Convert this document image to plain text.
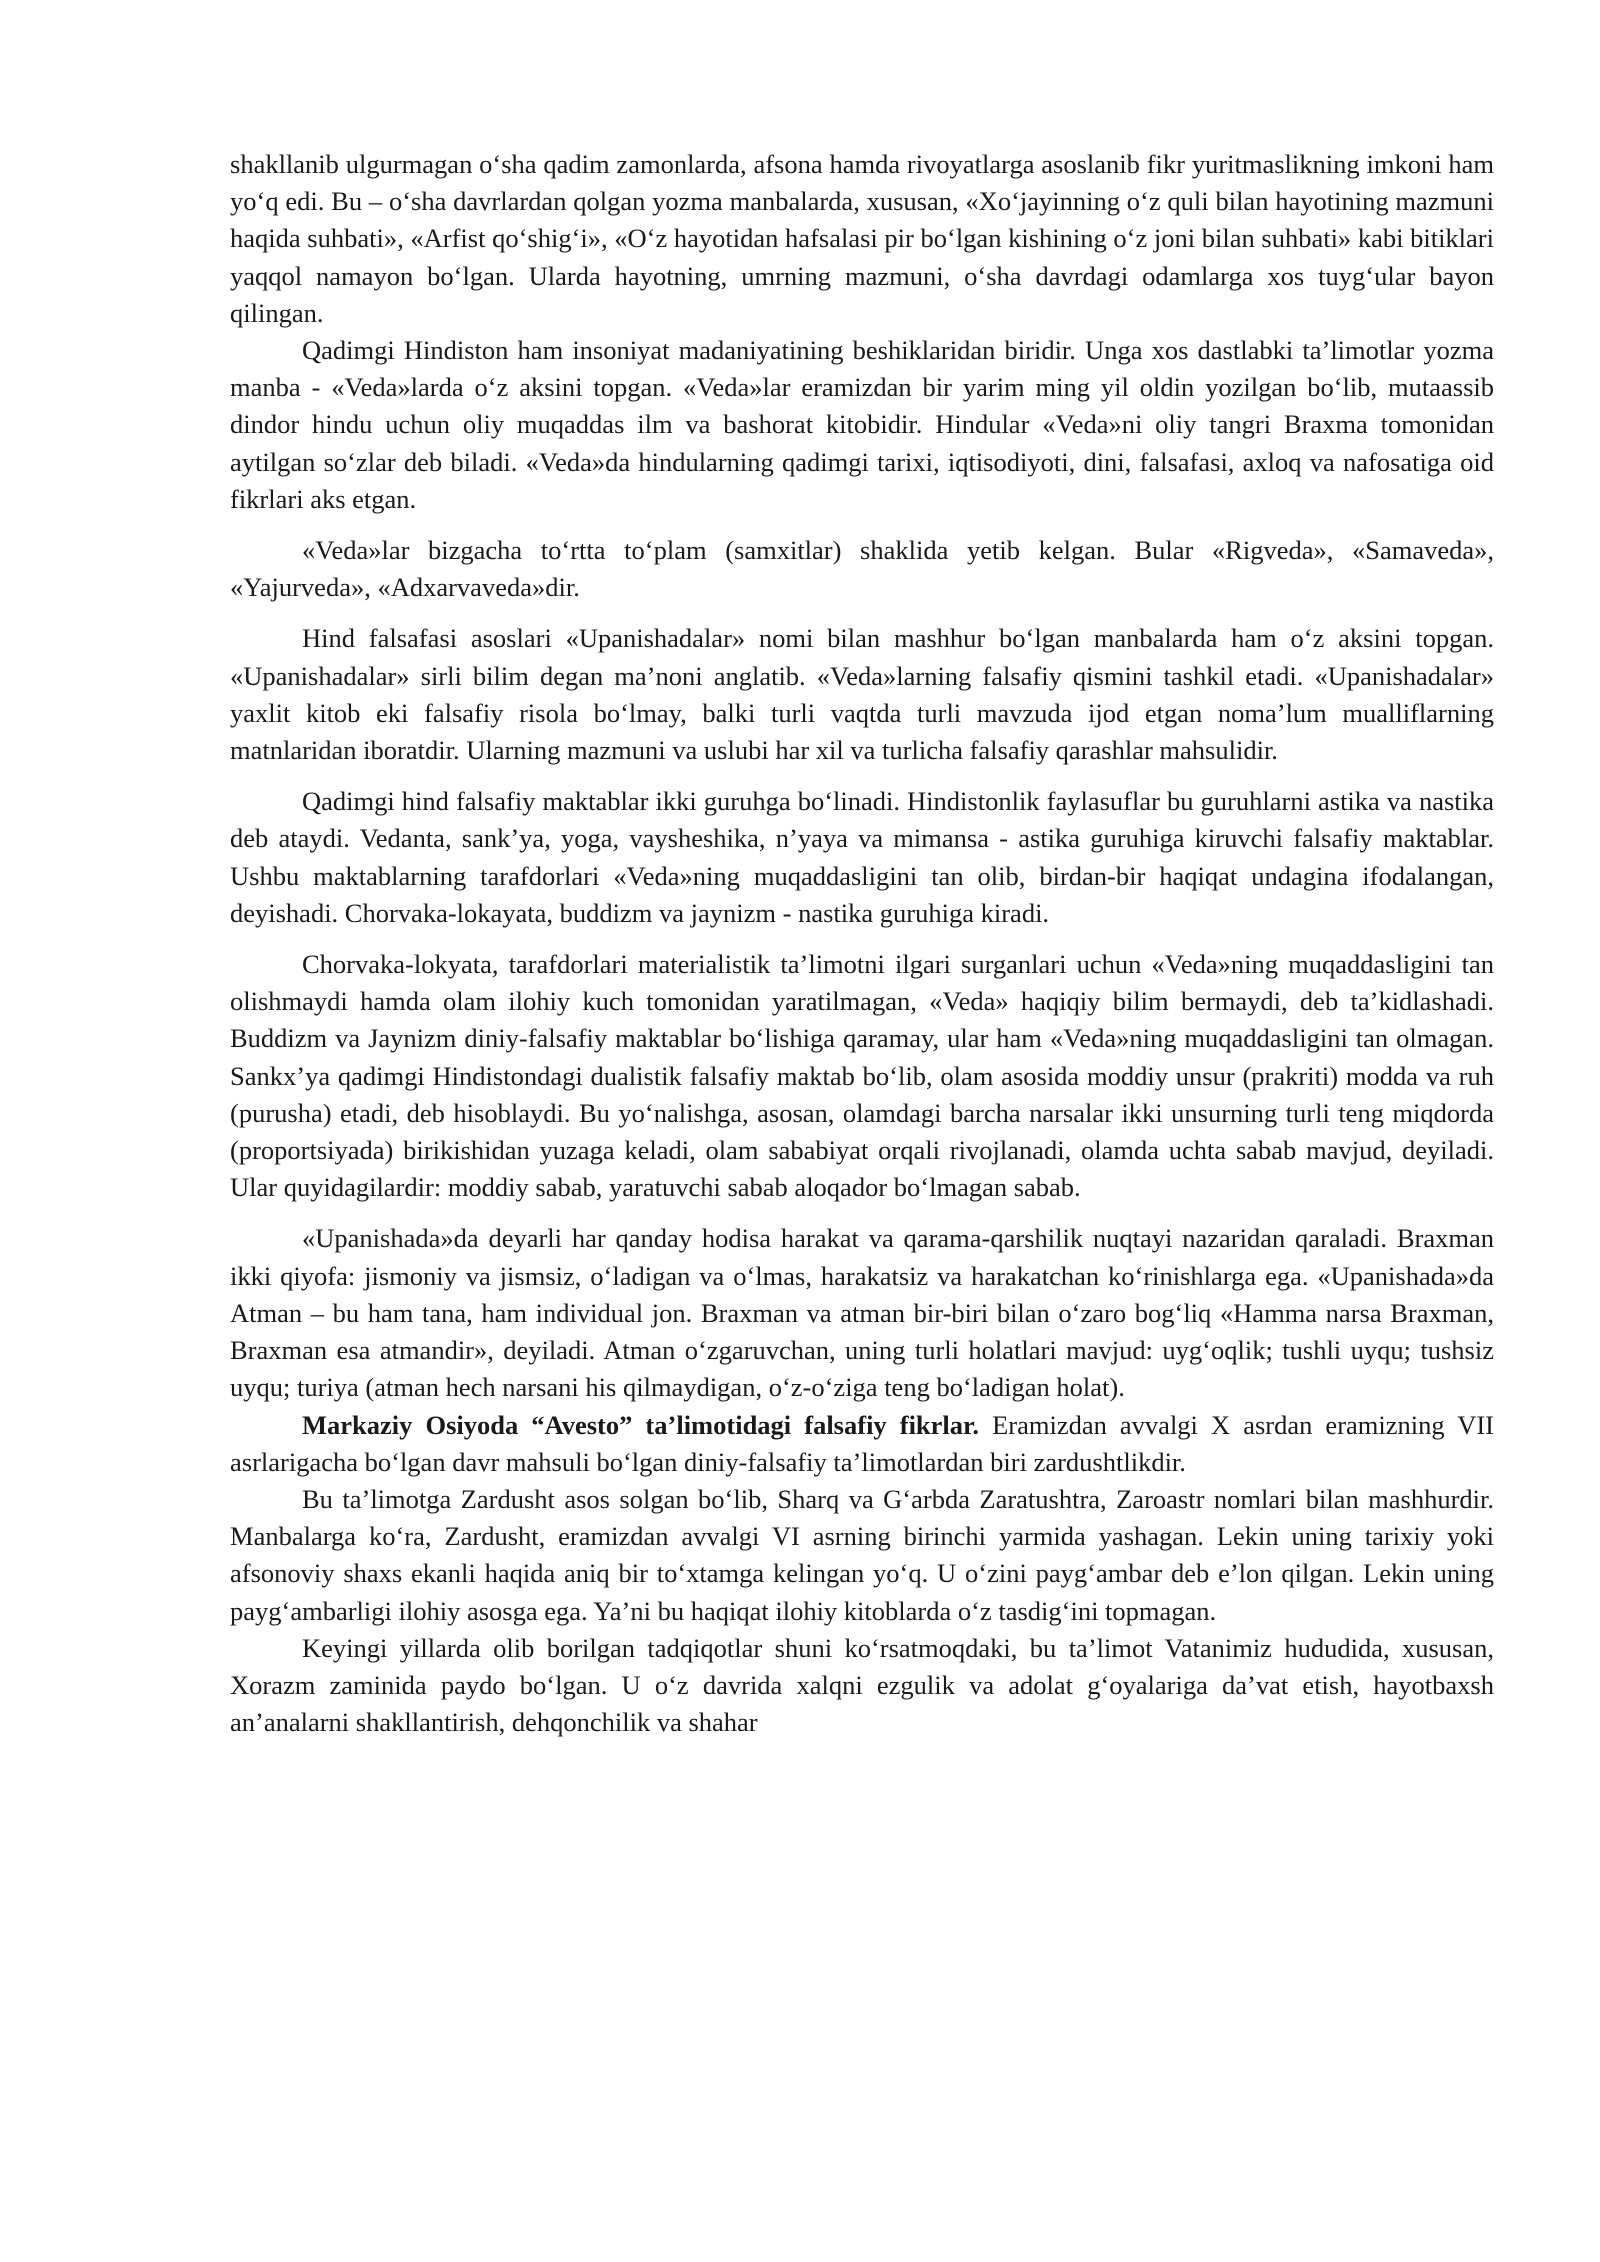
shakllanib ulgurmagan o‘sha qadim zamonlarda, afsona hamda rivoyatlarga asoslanib fikr yuritmaslikning imkoni ham yo‘q edi. Bu – o‘sha davrlardan qolgan yozma manbalarda, xususan, «Xo‘jayinning o‘z quli bilan hayotining mazmuni haqida suhbati», «Arfist qo‘shig‘i», «O‘z hayotidan hafsalasi pir bo‘lgan kishining o‘z joni bilan suhbati» kabi bitiklari yaqqol namayon bo‘lgan. Ularda hayotning, umrning mazmuni, o‘sha davrdagi odamlarga xos tuyg‘ular bayon qilingan.

Qadimgi Hindiston ham insoniyat madaniyatining beshiklaridan biridir. Unga xos dastlabki ta’limotlar yozma manba - «Veda»larda o‘z aksini topgan. «Veda»lar eramizdan bir yarim ming yil oldin yozilgan bo‘lib, mutaassib dindor hindu uchun oliy muqaddas ilm va bashorat kitobidir. Hindular «Veda»ni oliy tangri Braxma tomonidan aytilgan so‘zlar deb biladi. «Veda»da hindularning qadimgi tarixi, iqtisodiyoti, dini, falsafasi, axloq va nafosatiga oid fikrlari aks etgan.

«Veda»lar bizgacha to‘rtta to‘plam (samxitlar) shaklida yetib kelgan. Bular «Rigveda», «Samaveda», «Yajurveda», «Adxarvaveda»dir.

Hind falsafasi asoslari «Upanishadalar» nomi bilan mashhur bo‘lgan manbalarda ham o‘z aksini topgan. «Upanishadalar» sirli bilim degan ma’noni anglatib. «Veda»larning falsafiy qismini tashkil etadi. «Upanishadalar» yaxlit kitob eki falsafiy risola bo‘lmay, balki turli vaqtda turli mavzuda ijod etgan noma’lum mualliflarning matnlaridan iboratdir. Ularning mazmuni va uslubi har xil va turlicha falsafiy qarashlar mahsulidir.

Qadimgi hind falsafiy maktablar ikki guruhga bo‘linadi. Hindistonlik faylasuflar bu guruhlarni astika va nastika deb ataydi. Vedanta, sank’ya, yoga, vaysheshika, n’yaya va mimansa - astika guruhiga kiruvchi falsafiy maktablar. Ushbu maktablarning tarafdorlari «Veda»ning muqaddasligini tan olib, birdan-bir haqiqat undagina ifodalangan, deyishadi. Chorvaka-lokayata, buddizm va jaynizm - nastika guruhiga kiradi.

Chorvaka-lokyata, tarafdorlari materialistik ta’limotni ilgari surganlari uchun «Veda»ning muqaddasligini tan olishmaydi hamda olam ilohiy kuch tomonidan yaratilmagan, «Veda» haqiqiy bilim bermaydi, deb ta’kidlashadi. Buddizm va Jaynizm diniy-falsafiy maktablar bo‘lishiga qaramay, ular ham «Veda»ning muqaddasligini tan olmagan. Sankx’ya qadimgi Hindistondagi dualistik falsafiy maktab bo‘lib, olam asosida moddiy unsur (prakriti) modda va ruh (purusha) etadi, deb hisoblaydi. Bu yo‘nalishga, asosan, olamdagi barcha narsalar ikki unsurning turli teng miqdorda (proportsiyada) birikishidan yuzaga keladi, olam sababiyat orqali rivojlanadi, olamda uchta sabab mavjud, deyiladi. Ular quyidagilardir: moddiy sabab, yaratuvchi sabab aloqador bo‘lmagan sabab.

«Upanishada»da deyarli har qanday hodisa harakat va qarama-qarshilik nuqtayi nazaridan qaraladi. Braxman ikki qiyofa: jismoniy va jismsiz, o‘ladigan va o‘lmas, harakatsiz va harakatchan ko‘rinishlarga ega. «Upanishada»da Atman – bu ham tana, ham individual jon. Braxman va atman bir-biri bilan o‘zaro bog‘liq «Hamma narsa Braxman, Braxman esa atmandir», deyiladi. Atman o‘zgaruvchan, uning turli holatlari mavjud: uyg‘oqlik; tushli uyqu; tushsiz uyqu; turiya (atman hech narsani his qilmaydigan, o‘z-o‘ziga teng bo‘ladigan holat).

Markaziy Osiyoda “Avesto” ta’limotidagi falsafiy fikrlar. Eramizdan avvalgi X asrdan eramizning VII asrlarigacha bo‘lgan davr mahsuli bo‘lgan diniy-falsafiy ta’limotlardan biri zardushtlikdir.

Bu ta’limotga Zardusht asos solgan bo‘lib, Sharq va G‘arbda Zaratushtra, Zaroastr nomlari bilan mashhurdir. Manbalarga ko‘ra, Zardusht, eramizdan avvalgi VI asrning birinchi yarmida yashagan. Lekin uning tarixiy yoki afsonoviy shaxs ekanli haqida aniq bir to‘xtamga kelingan yo‘q. U o‘zini payg‘ambar deb e’lon qilgan. Lekin uning payg‘ambarligi ilohiy asosga ega. Ya’ni bu haqiqat ilohiy kitoblarda o‘z tasdig‘ini topmagan.

Keyingi yillarda olib borilgan tadqiqotlar shuni ko‘rsatmoqdaki, bu ta’limot Vatanimiz hududida, xususan, Xorazm zaminida paydo bo‘lgan. U o‘z davrida xalqni ezgulik va adolat g‘oyalariga da’vat etish, hayotbaxsh an’analarni shakllantirish, dehqonchilik va shahar
